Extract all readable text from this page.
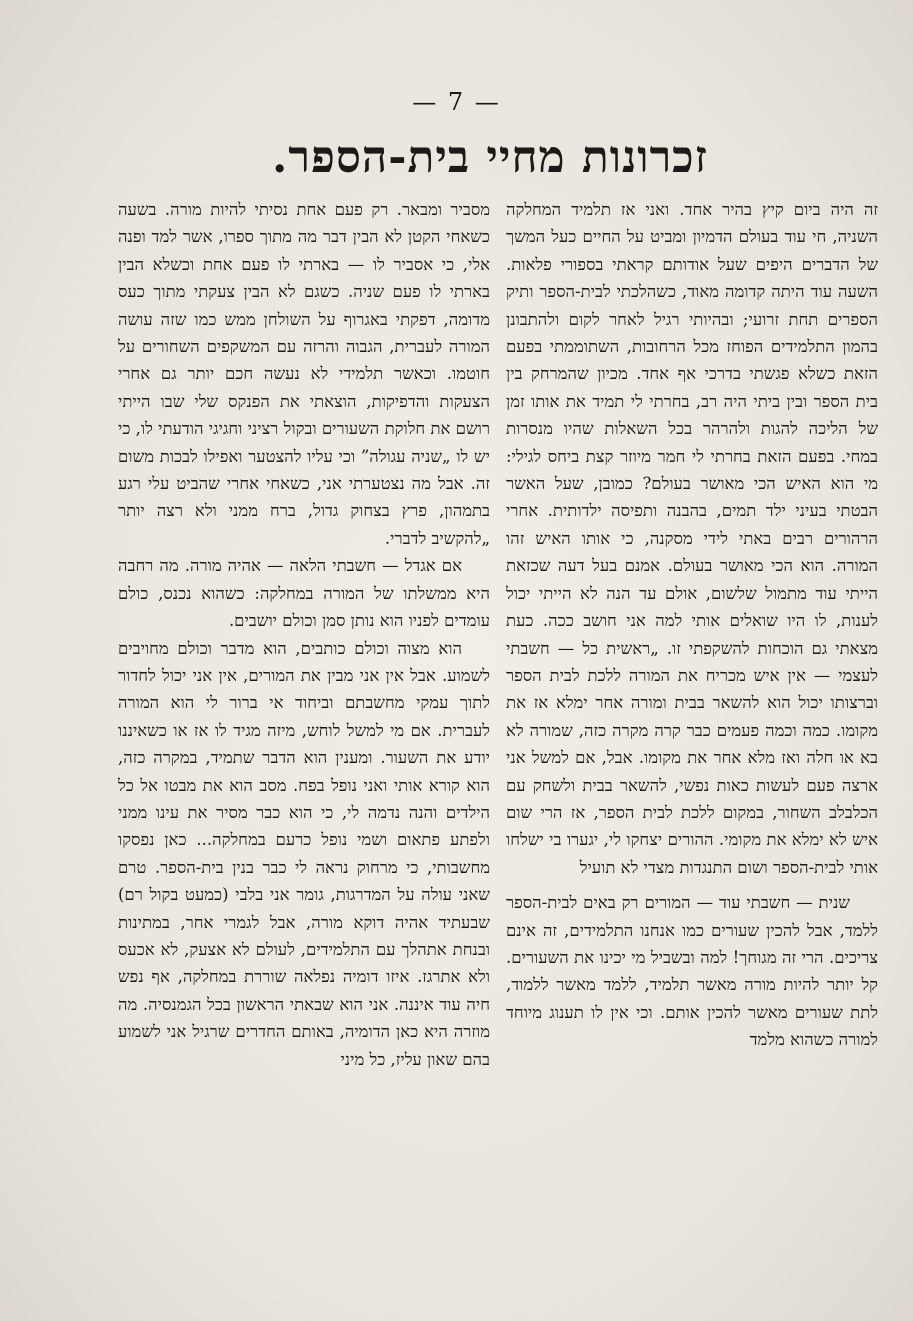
— 7 —
זכרונות מחיי בית-הספר.

זה היה ביום קיץ בהיר אחד. ואני אז תלמיד המחלקה השניה, חי עוד בעולם הדמיון ומביט על החיים כעל המשך של הדברים היפים שעל אודותם קראתי בספורי פלאות. השעה עוד היתה קדומה מאוד, כשהלכתי לבית-הספר ותיק הספרים תחת זרועי; ובהיותי רגיל לאחר לקום ולהתבונן בהמון התלמידים הפוחז מכל הרחובות, השתוממתי בפעם הזאת כשלא פגשתי בדרכי אף אחד. מכיון שהמרחק בין בית הספר ובין ביתי היה רב, בחרתי לי תמיד את אותו זמן של הליכה להגות ולהרהר בכל השאלות שהיו מנסרות במחי. בפעם הזאת בחרתי לי חמר מיוזר קצת ביחס לגילי: מי הוא האיש הכי מאושר בעולם? כמובן, שעל האשר הבטתי בעיני ילד תמים, בהבנה ותפיסה ילדותית. אחרי הרהורים רבים באתי לידי מסקנה, כי אותו האיש זהו המורה. הוא הכי מאושר בעולם. אמנם בעל דעה שכזאת הייתי עוד מתמול שלשום, אולם עד הנה לא הייתי יכול לענות, לו היו שואלים אותי למה אני חושב ככה. כעת מצאתי גם הוכחות להשקפתי זו. „ראשית כל — חשבתי לעצמי — אין איש מכריח את המורה ללכת לבית הספר וברצותו יכול הוא להשאר בבית ומורה אחר ימלא אז את מקומו. כמה וכמה פעמים כבר קרה מקרה כזה, שמורה לא בא או חלה ואז מלא אחר את מקומו. אבל, אם למשל אני ארצה פעם לעשות כאות נפשי, להשאר בבית ולשחק עם הכלבלב השחור, במקום ללכת לבית הספר, אז הרי שום איש לא ימלא את מקומי. ההורים יצחקו לי, יגערו בי ישלחו אותי לבית-הספר ושום התנגדות מצדי לא תועיל

שנית — חשבתי עוד — המורים רק באים לבית-הספר ללמד, אבל להכין שעורים כמו אנחנו התלמידים, זה אינם צריכים. הרי זה מגוחך! למה ובשביל מי יכינו את השעורים. קל יותר להיות מורה מאשר תלמיד, ללמד מאשר ללמוד, לתת שעורים מאשר להכין אותם. וכי אין לו תענוג מיוחד למורה כשהוא מלמד

מסביר ומבאר. רק פעם אחת נסיתי להיות מורה. בשעה כשאחי הקטן לא הבין דבר מה מתוך ספרו, אשר למד ופנה אלי, כי אסביר לו — בארתי לו פעם אחת וכשלא הבין בארתי לו פעם שניה. כשגם לא הבין צעקתי מתוך כעס מדומה, דפקתי באגרוף על השולחן ממש כמו שזה עושה המורה לעברית, הגבוה והרזה עם המשקפים השחורים על חוטמו. וכאשר תלמידי לא נעשה חכם יותר גם אחרי הצעקות והדפיקות, הוצאתי את הפנקס שלי שבו הייתי רושם את חלוקת השעורים ובקול רציני וחגיגי הודעתי לו, כי יש לו „שניה עגולה” וכי עליו להצטער ואפילו לבכות משום זה. אבל מה נצטערתי אני, כשאחי אחרי שהביט עלי רגע בתמהון, פרץ בצחוק גדול, ברח ממני ולא רצה יותר „להקשיב לדברי.

אם אגדל — חשבתי הלאה — אהיה מורה. מה רחבה היא ממשלתו של המורה במחלקה: כשהוא נכנס, כולם עומדים לפניו הוא נותן סמן וכולם יושבים.

הוא מצוה וכולם כותבים, הוא מדבר וכולם מחויבים לשמוע. אבל אין אני מבין את המורים, אין אני יכול לחדור לתוך עמקי מחשבתם וביחוד אי ברור לי הוא המורה לעברית. אם מי למשל לוחש, מיזה מגיד לו אז או כשאיננו יודע את השעור. ומענין הוא הדבר שתמיד, במקרה כזה, הוא קורא אותי ואני נופל בפח. מסב הוא את מבטו אל כל הילדים והנה נדמה לי, כי הוא כבר מסיר את עינו ממני ולפתע פתאום ושמי נופל כרעם במחלקה... כאן נפסקו מחשבותי, כי מרחוק נראה לי כבר בנין בית-הספר. טרם שאני עולה על המדרגות, גומר אני בלבי (כמעט בקול רם) שבעתיד אהיה דוקא מורה, אבל לגמרי אחר, במתינות ובנחת אתהלך עם התלמידים, לעולם לא אצעק, לא אכעס ולא אתרגז. איזו דומיה נפלאה שוררת במחלקה, אף נפש חיה עוד איננה. אני הוא שבאתי הראשון בכל הגמנסיה. מה מוזרה היא כאן הדומיה, באותם החדרים שרגיל אני לשמוע בהם שאון עליז, כל מיני
